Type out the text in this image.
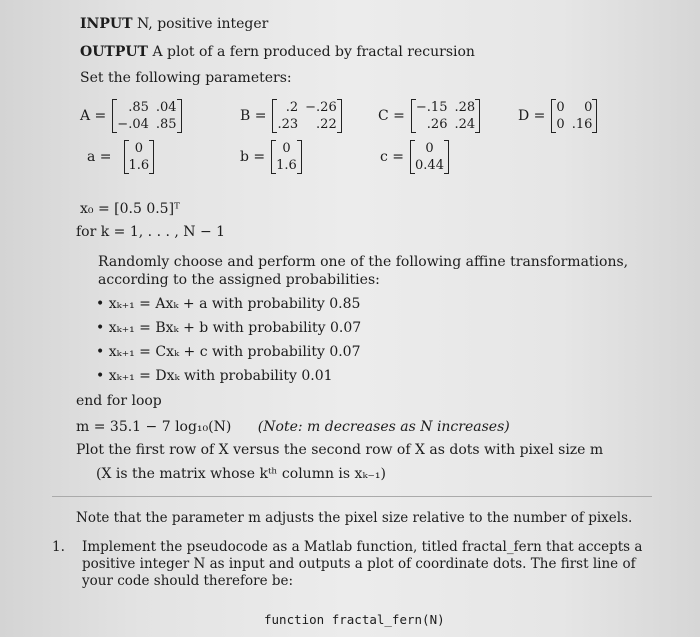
INPUT N, positive integer
OUTPUT A plot of a fern produced by fractal recursion
Set the following parameters:
A =
.85 .04
−.04 .85
B =
.2 −.26
.23	.22
C =
−.15 .28
.26 .24
D =
0	0
0 .16
a =
0
1.6
b =
0
1.6
c =
0
0.44
x₀ = [0.5 0.5]ᵀ
for k = 1, . . . , N − 1
Randomly choose and perform one of the following affine transformations,
according to the assigned probabilities:
• xₖ₊₁ = Axₖ + a with probability 0.85
• xₖ₊₁ = Bxₖ + b with probability 0.07
• xₖ₊₁ = Cxₖ + c with probability 0.07
• xₖ₊₁ = Dxₖ with probability 0.01
end for loop
m = 35.1 − 7 log₁₀(N) (Note: m decreases as N increases)
Plot the first row of X versus the second row of X as dots with pixel size m
(X is the matrix whose kᵗʰ column is xₖ₋₁)
Note that the parameter m adjusts the pixel size relative to the number of pixels.
1. Implement the pseudocode as a Matlab function, titled fractal_fern that accepts a
positive integer N as input and outputs a plot of coordinate dots. The first line of
your code should therefore be:
function fractal_fern(N)
